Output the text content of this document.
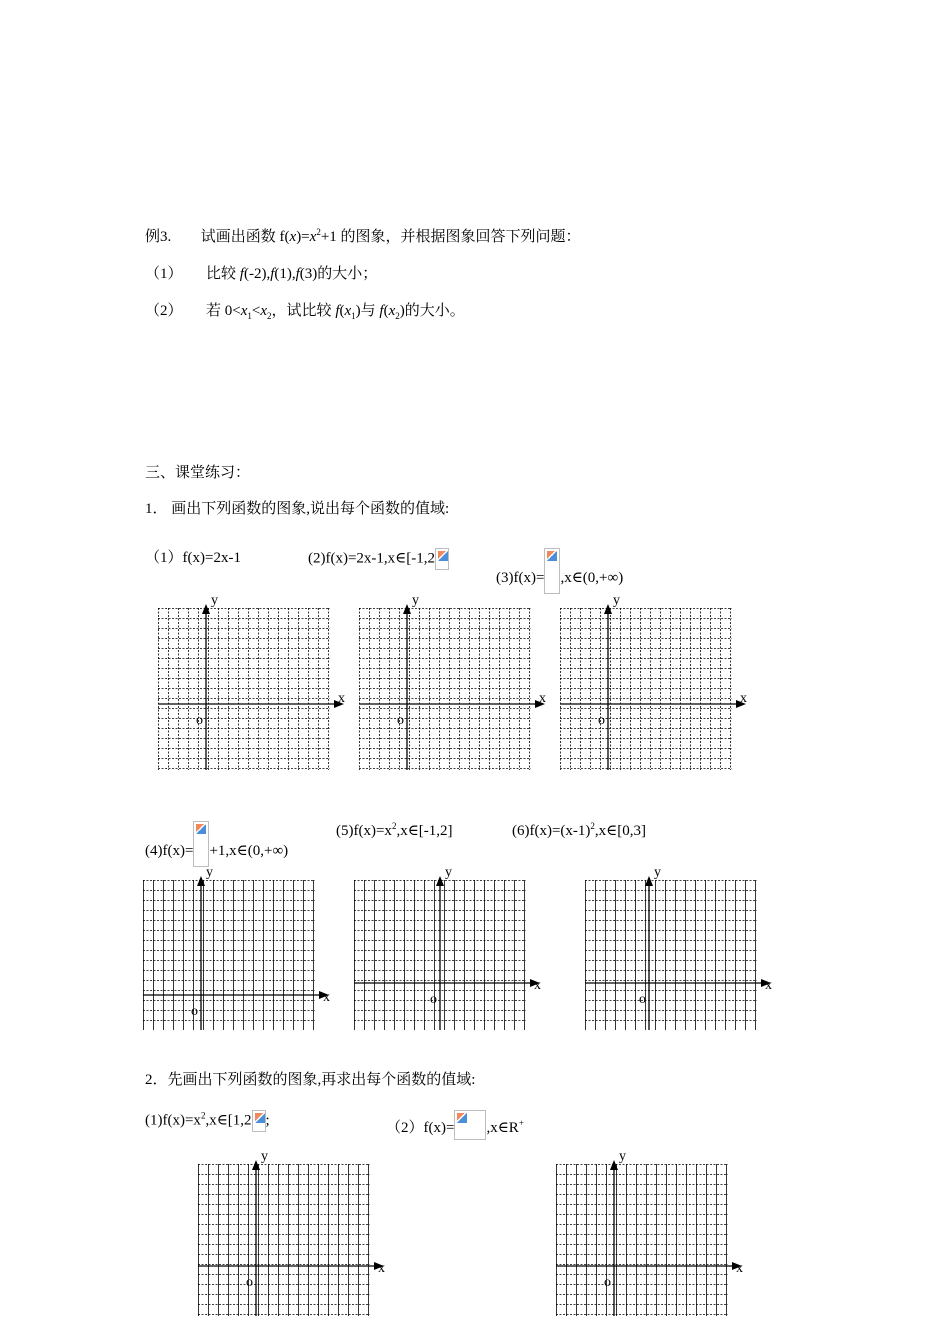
例3. 试画出函数 $f(x)=x^2+1$ 的图象，并根据图象回答下列问题：
（1） 比较 f(-2),f(1),f(3)的大小；
（2） 若 $0<x_1<x_2$，试比较 $f(x_1)$与 $f(x_2)$的大小。
三、课堂练习：
1． 画出下列函数的图象,说出每个函数的值域:
（1）f(x)=2x-1	(2)f(x)=2x-1,x∈[-1,2
(3)f(x)= ,x∈(0,+∞)
(4)f(x)= +1,x∈(0,+∞)
$(5)f(x)=x^2,x\in[-1,2]$	$(6)f(x)=(x-1)^2,x\in[0,3]$
2．先画出下列函数的图象,再求出每个函数的值域:
$(1)f(x)=x^2,x\in[1,2$ ;	（2）f(x)= ,x∈R+
y
x
o
y
x
o
y
x
o
y
x
o
y
x
o
y
x
o
y
x
o
y
x
o
